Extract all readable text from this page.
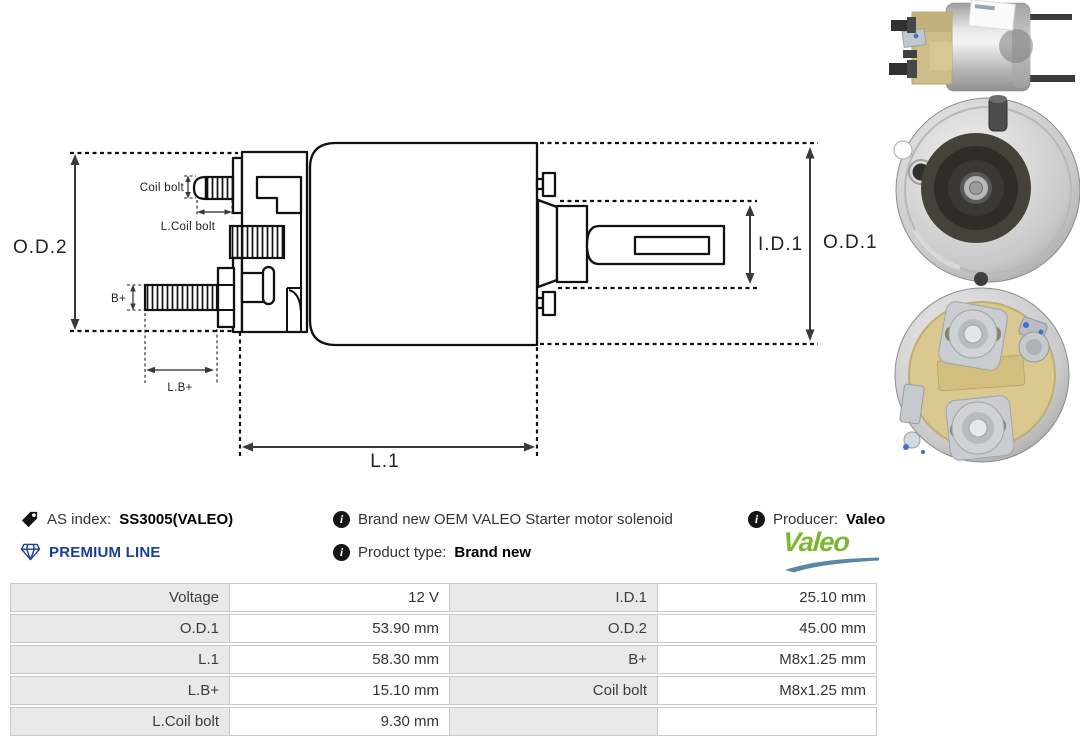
O.D.2	O.D.1
I.D.1
L.1
Coil bolt
L.Coil bolt
B+
L.B+
AS index: SS3005(VALEO)
PREMIUM LINE
i Brand new OEM VALEO Starter motor solenoid
i Product type: Brand new
i Producer: Valeo
Valeo
Voltage	12 V	I.D.1	25.10 mm
O.D.1	53.90 mm	O.D.2	45.00 mm
L.1	58.30 mm	B+	M8x1.25 mm
L.B+	15.10 mm	Coil bolt	M8x1.25 mm
L.Coil bolt	9.30 mm
